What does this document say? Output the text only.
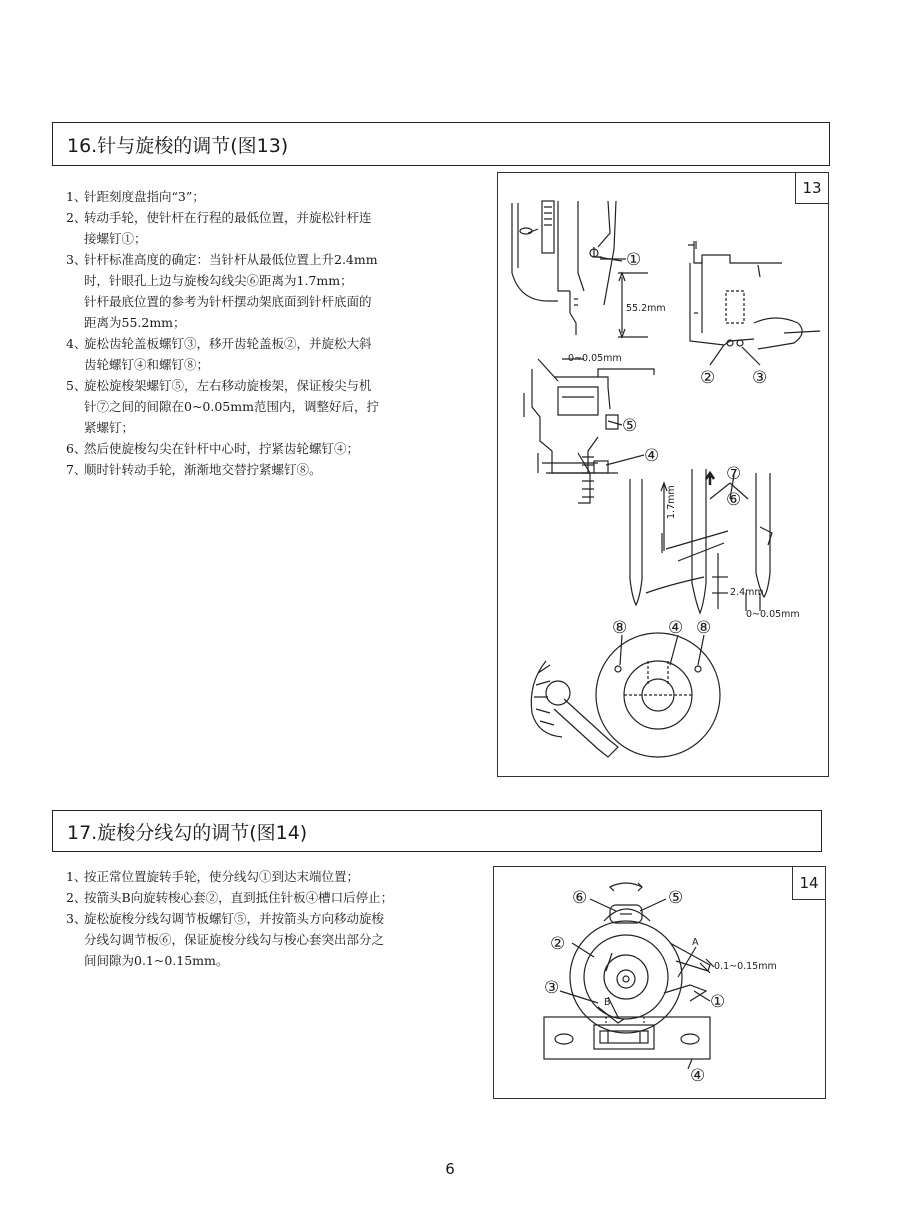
16.针与旋梭的调节(图13)
1、
针距刻度盘指向“3”；
2、
转动手轮，使针杆在行程的最低位置，并旋松针杆连
接螺钉①；
3、
针杆标准高度的确定：当针杆从最低位置上升2.4mm
时，针眼孔上边与旋梭勾线尖⑥距离为1.7mm；
针杆最底位置的参考为针杆摆动架底面到针杆底面的
距离为55.2mm；
4、
旋松齿轮盖板螺钉③，移开齿轮盖板②，并旋松大斜
齿轮螺钉④和螺钉⑧；
5、
旋松旋梭架螺钉⑤，左右移动旋梭架，保证梭尖与机
针⑦之间的间隙在0~0.05mm范围内，调整好后，拧
紧螺钉；
6、
然后使旋梭勾尖在针杆中心时，拧紧齿轮螺钉④；
7、
顺时针转动手轮，渐渐地交替拧紧螺钉⑧。
13
①
55.2mm
② ③
0~0.05mm
⑤
④
⑦
⑥
1.7mm
2.4mm
0~0.05mm
⑧ ④ ⑧
17.旋梭分线勾的调节(图14)
1、
按正常位置旋转手轮，使分线勾①到达末端位置；
2、
按箭头B向旋转梭心套②，直到抵住针板④槽口后停止；
3、
旋松旋梭分线勾调节板螺钉⑤，并按箭头方向移动旋梭
分线勾调节板⑥，保证旋梭分线勾与梭心套突出部分之
间间隙为0.1~0.15mm。
14
⑥	⑤
②	A
0.1~0.15mm
③
B	①
④
6
